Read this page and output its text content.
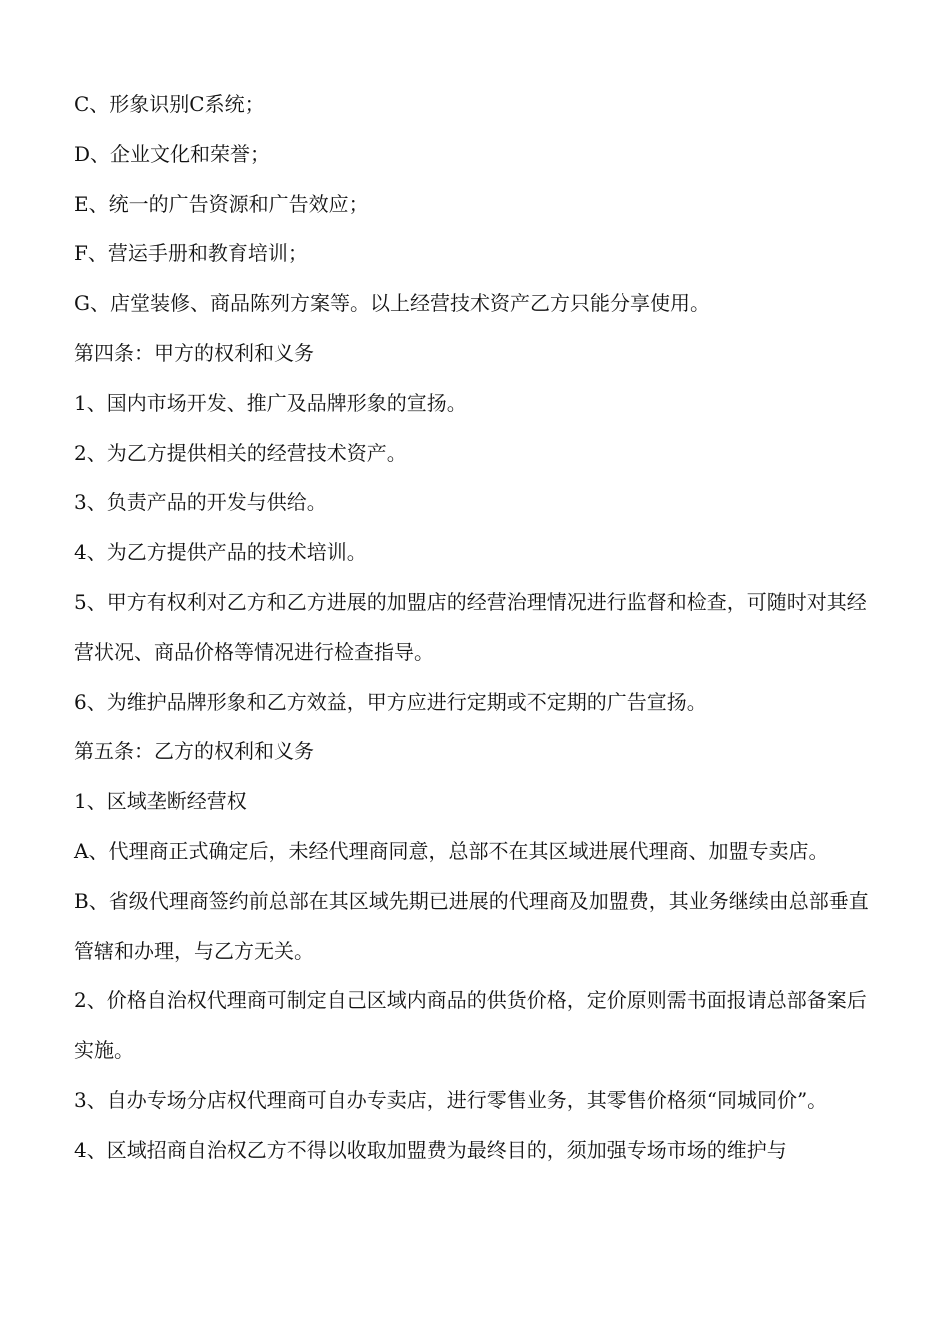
C、形象识别C系统；

D、企业文化和荣誉；

E、统一的广告资源和广告效应；

F、营运手册和教育培训；

G、店堂装修、商品陈列方案等。以上经营技术资产乙方只能分享使用。

第四条：甲方的权利和义务

1、国内市场开发、推广及品牌形象的宣扬。

2、为乙方提供相关的经营技术资产。

3、负责产品的开发与供给。

4、为乙方提供产品的技术培训。

5、甲方有权利对乙方和乙方进展的加盟店的经营治理情况进行监督和检查，可随时对其经营状况、商品价格等情况进行检查指导。

6、为维护品牌形象和乙方效益，甲方应进行定期或不定期的广告宣扬。

第五条：乙方的权利和义务

1、区域垄断经营权

A、代理商正式确定后，未经代理商同意，总部不在其区域进展代理商、加盟专卖店。

B、省级代理商签约前总部在其区域先期已进展的代理商及加盟费，其业务继续由总部垂直管辖和办理，与乙方无关。

2、价格自治权代理商可制定自己区域内商品的供货价格，定价原则需书面报请总部备案后实施。

3、自办专场分店权代理商可自办专卖店，进行零售业务，其零售价格须“同城同价”。

4、区域招商自治权乙方不得以收取加盟费为最终目的，须加强专场市场的维护与
